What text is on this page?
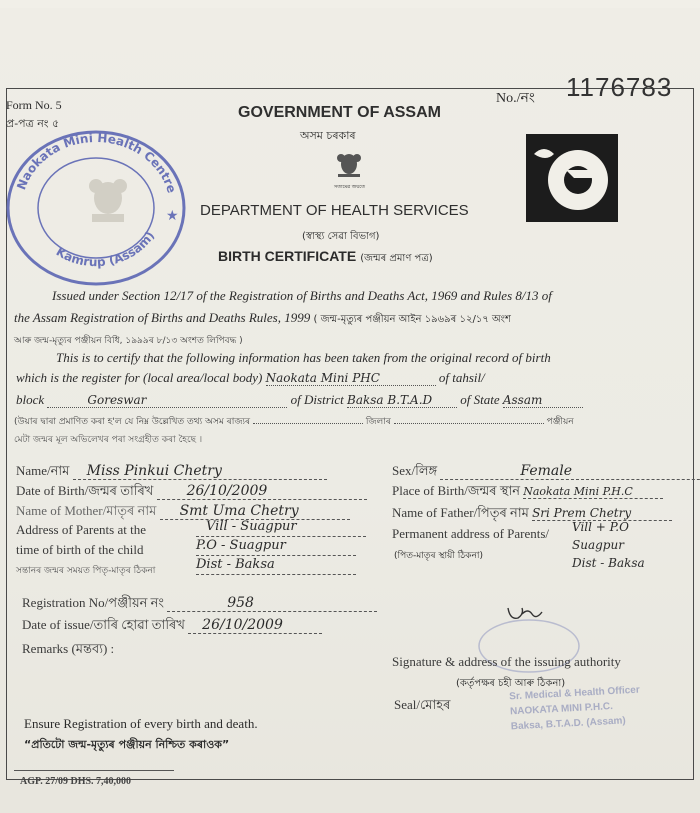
Naokata Mini Health Centre
Kamrup (Assam)
★
Form No. 5
প্ৰ-পত্ৰ নং ৫
No./নং 1176783
GOVERNMENT OF ASSAM
অসম চৰকাৰ
সত্যমেৱ জয়তে
DEPARTMENT OF HEALTH SERVICES
(স্বাস্থ্য সেৱা বিভাগ)
BIRTH CERTIFICATE (জন্মৰ প্ৰমাণ পত্ৰ)
Issued under Section 12/17 of the Registration of Births and Deaths Act, 1969 and Rules 8/13 of
the Assam Registration of Births and Deaths Rules, 1999 ( জন্ম-মৃত্যুৰ পঞ্জীয়ন আইন ১৯৬৯ৰ ১২/১৭ অংশ
আৰু জন্ম-মৃত্যুৰ পঞ্জীয়ন বিধি, ১৯৯৯ৰ ৮/১৩ অংশত লিপিবদ্ধ )
This is to certify that the following information has been taken from the original record of birth
which is the register for (local area/local body) Naokata Mini PHC	of tahsil/
block	Goreswar	of District Baksa B.T.A.D of State Assam
(উয়াৰ দ্বাৰা প্ৰমাণিত কৰা হ'ল যে নিম্ন উল্লেখিত তথ্য অসম ৰাজ্যৰ	জিলাৰ	পঞ্জীয়ন
মেটা জন্মৰ মূল অভিলেখৰ পৰা সংগ্ৰহীত কৰা হৈছে ।
Name/নাম Miss Pinkui Chetry
Date of Birth/জন্মৰ তাৰিখ 26/10/2009
Name of Mother/মাতৃৰ নাম Smt Uma Chetry
Address of Parents at the
time of birth of the child
সন্তানৰ জন্মৰ সময়ত পিতৃ-মাতৃৰ ঠিকনা
Vill - Suagpur
P.O - Suagpur
Dist - Baksa
Registration No/পঞ্জীয়ন নং	958
Date of issue/তাৰি হোৱা তাৰিখ 26/10/2009
Remarks (মন্তব্য) :
Sex/লিঙ্গ	Female
Place of Birth/জন্মৰ স্থান Naokata Mini P.H.C
Name of Father/পিতৃৰ নাম Sri Prem Chetry
Permanent address of Parents/
(পিত-মাতৃৰ স্থায়ী ঠিকনা)
Vill + P.O
Suagpur
Dist - Baksa
Signature & address of the issuing authority
(কৰ্তৃপক্ষৰ চহী আৰু ঠিকনা)
Seal/মোহৰ
Sr. Medical & Health Officer
NAOKATA MINI P.H.C.
Baksa, B.T.A.D. (Assam)
Ensure Registration of every birth and death.
“প্ৰতিটো জন্ম-মৃত্যুৰ পঞ্জীয়ন নিশ্চিত কৰাওক”
AGP. 27/09 DHS. 7,40,000
